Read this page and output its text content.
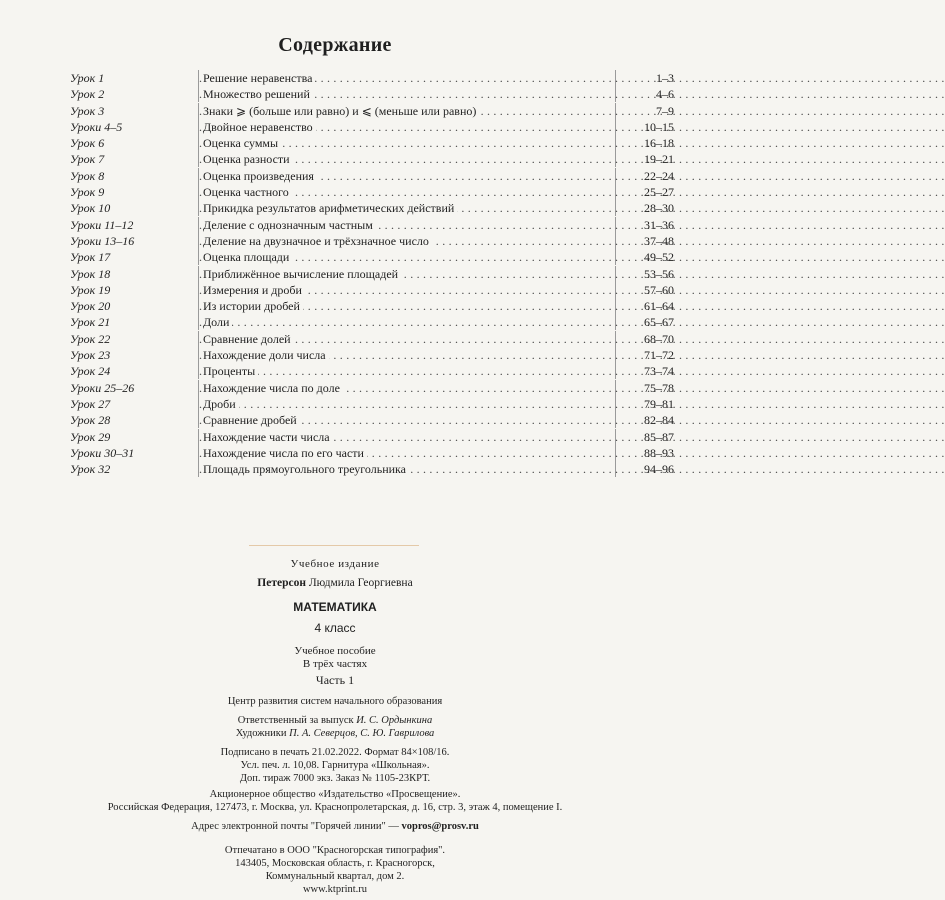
Содержание
Урок 1	Решение неравенства . . .	1–3
Урок 2	Множество решений . . .	4–6
Урок 3	Знаки ⩾ (больше или равно) и ⩽ (меньше или равно) . . .	7–9
Уроки 4–5	Двойное неравенство . . .	10–15
Урок 6	Оценка суммы . . .	16–18
Урок 7	Оценка разности . . .	19–21
Урок 8	Оценка произведения . . .	22–24
Урок 9	Оценка частного . . .	25–27
Урок 10	Прикидка результатов арифметических действий . . .	28–30
Уроки 11–12	Деление с однозначным частным . . .	31–36
Уроки 13–16	Деление на двузначное и трёхзначное число . . .	37–48
Урок 17	Оценка площади . . .	49–52
Урок 18	Приближённое вычисление площадей . . .	53–56
Урок 19	Измерения и дроби . . .	57–60
Урок 20	Из истории дробей . . .	61–64
Урок 21	Доли . . .	65–67
Урок 22	Сравнение долей . . .	68–70
Урок 23	Нахождение доли числа . . .	71–72
Урок 24	Проценты . . .	73–74
Уроки 25–26	Нахождение числа по доле . . .	75–78
Урок 27	Дроби . . .	79–81
Урок 28	Сравнение дробей . . .	82–84
Урок 29	Нахождение части числа . . .	85–87
Уроки 30–31	Нахождение числа по его части . . .	88–93
Урок 32	Площадь прямоугольного треугольника . . .	94–96
Учебное издание
Петерсон Людмила Георгиевна
МАТЕМАТИКА
4 класс
Учебное пособие
В трёх частях
Часть 1
Центр развития систем начального образования
Ответственный за выпуск И. С. Ордынкина
Художники П. А. Северцов, С. Ю. Гаврилова
Подписано в печать 21.02.2022. Формат 84×108/16.
Усл. печ. л. 10,08. Гарнитура «Школьная».
Доп. тираж 7000 экз. Заказ № 1105-23КРТ.
Акционерное общество «Издательство «Просвещение».
Российская Федерация, 127473, г. Москва, ул. Краснопролетарская, д. 16, стр. 3, этаж 4, помещение I.
Адрес электронной почты "Горячей линии" — vopros@prosv.ru
Отпечатано в ООО "Красногорская типография".
143405, Московская область, г. Красногорск,
Коммунальный квартал, дом 2.
www.ktprint.ru
